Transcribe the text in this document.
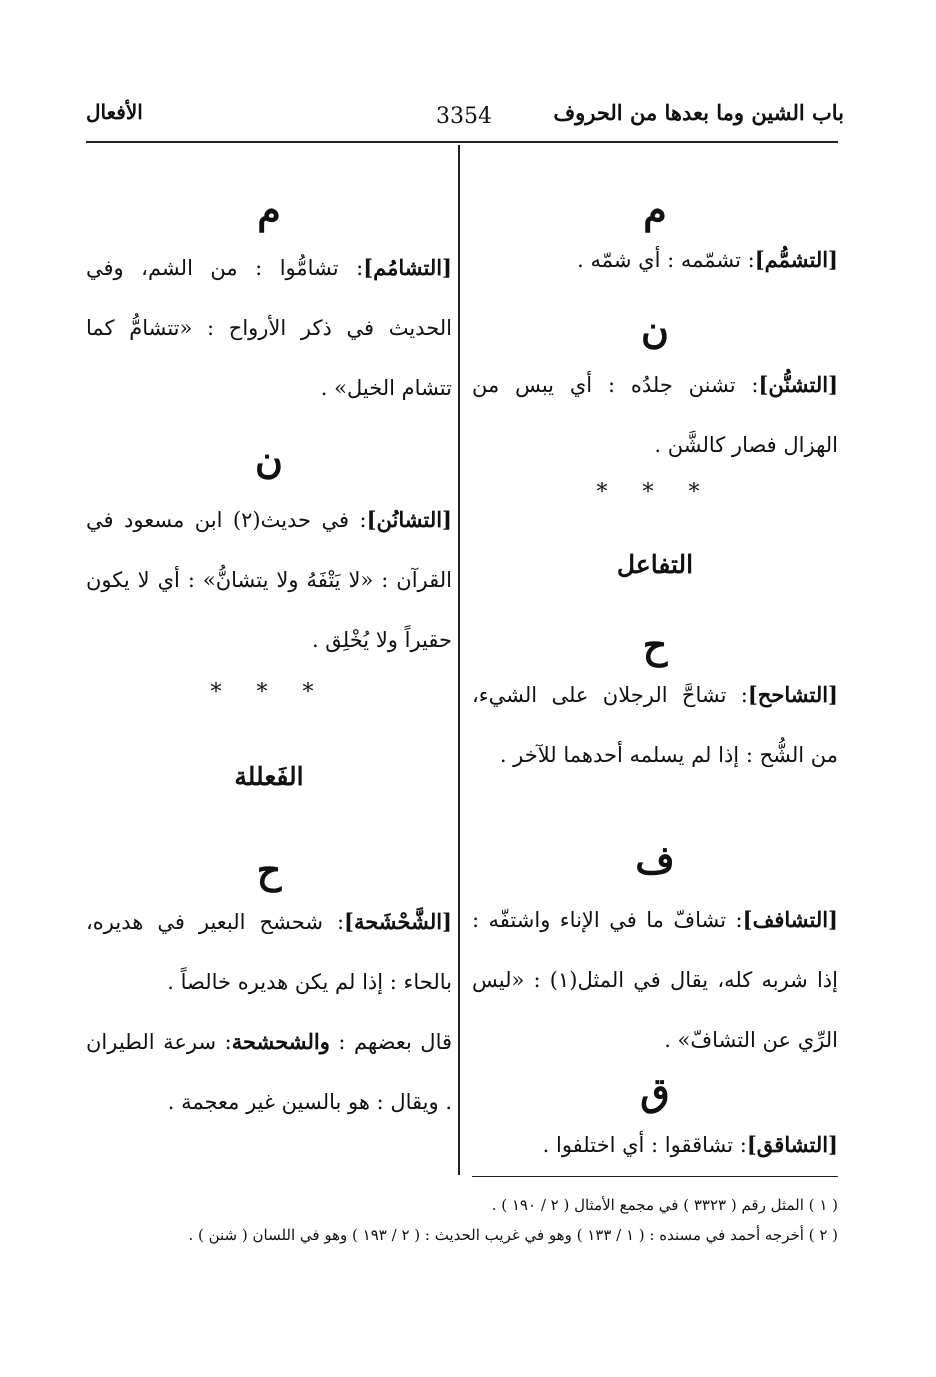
باب الشين وما بعدها من الحروف
3354
الأفعال
م
[التشمُّم]: تشمّمه : أي شمّه .
ن
[التشنُّن]: تشنن جلدُه : أي يبس من الهزال فصار كالشَّن .
* * *
التفاعل
ح
[التشاحح]: تشاحَّ الرجلان على الشيء، من الشُّح : إذا لم يسلمه أحدهما للآخر .
ف
[التشافف]: تشافّ ما في الإناء واشتفّه : إذا شربه كله، يقال في المثل(١) : «ليس الرِّي عن التشافّ» .
ق
[التشاقق]: تشاققوا : أي اختلفوا .
م
[التشامُم]: تشامُّوا : من الشم، وفي الحديث في ذكر الأرواح : «تتشامُّ كما تتشام الخيل» .
ن
[التشانُن]: في حديث(٢) ابن مسعود في القرآن : «لا يَتْفَهُ ولا يتشانُّ» : أي لا يكون حقيراً ولا يُخْلِق .
* * *
الفَعللة
ح
[الشَّحْشَحة]: شحشح البعير في هديره، بالحاء : إذا لم يكن هديره خالصاً .
قال بعضهم : والشحشحة: سرعة الطيران . ويقال : هو بالسين غير معجمة .
( ١ ) المثل رقم ( ٣٣٢٣ ) في مجمع الأمثال ( ٢ / ١٩٠ ) .
( ٢ ) أخرجه أحمد في مسنده : ( ١ / ١٣٣ ) وهو في غريب الحديث : ( ٢ / ١٩٣ ) وهو في اللسان ( شنن ) .
